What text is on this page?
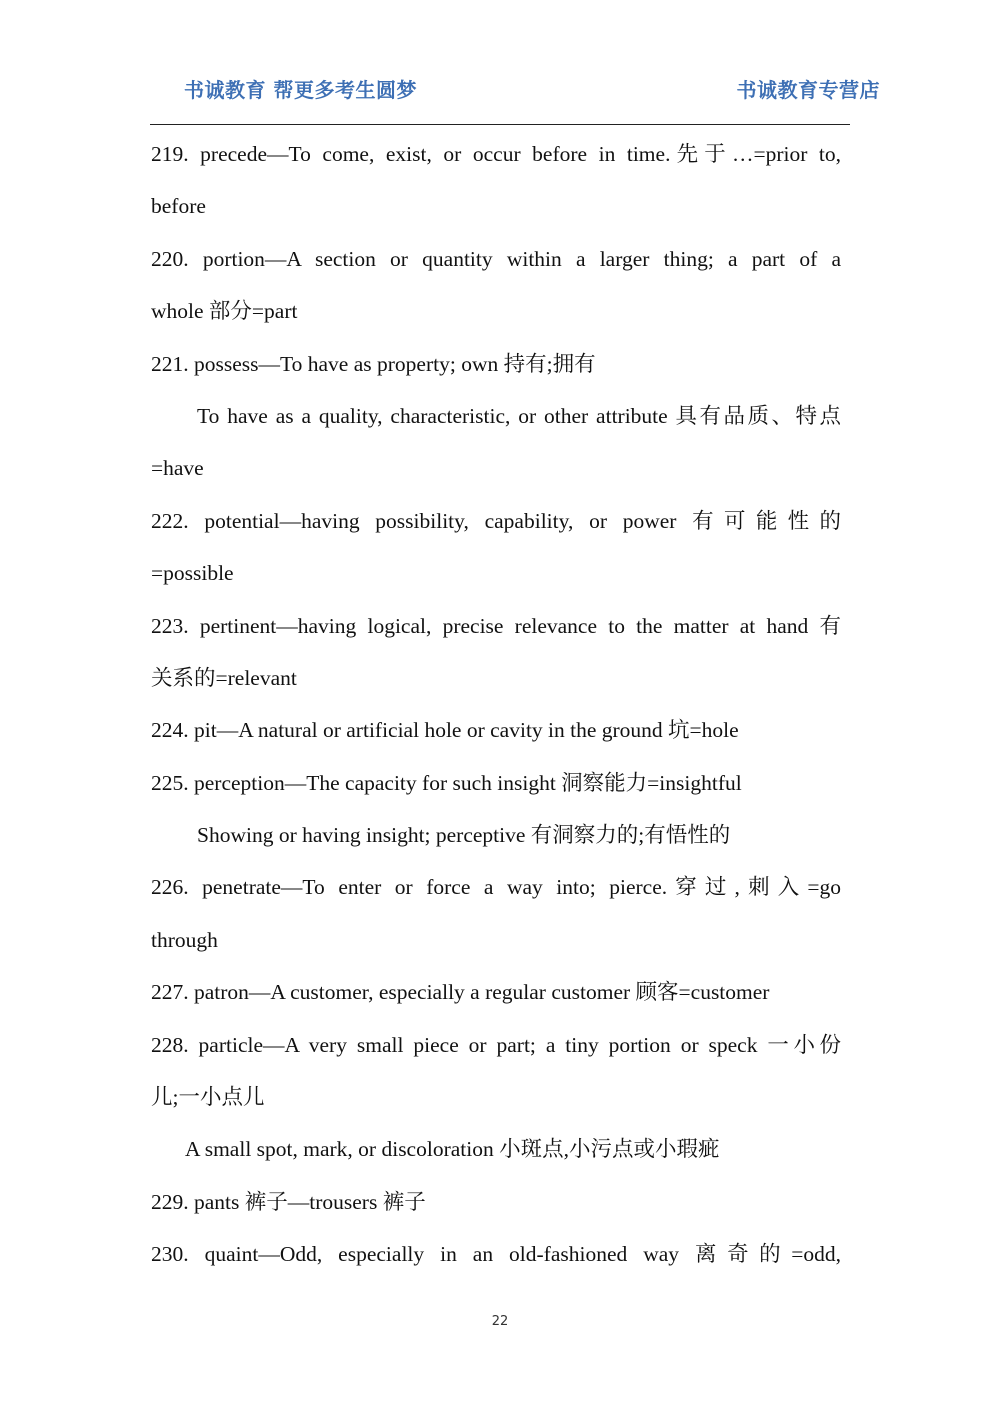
书诚教育 帮更多考生圆梦	书诚教育专营店
219. precede—To come, exist, or occur before in time.先于…=prior to,
before
220. portion—A section or quantity within a larger thing; a part of a
whole 部分=part
221. possess—To have as property; own 持有;拥有
To have as a quality, characteristic, or other attribute 具有品质、特点
=have
222. potential—having possibility, capability, or power 有可能性的
=possible
223. pertinent—having logical, precise relevance to the matter at hand 有
关系的=relevant
224. pit—A natural or artificial hole or cavity in the ground 坑=hole
225. perception—The capacity for such insight 洞察能力=insightful
Showing or having insight; perceptive 有洞察力的;有悟性的
226. penetrate—To enter or force a way into; pierce.穿过,刺入=go
through
227. patron—A customer, especially a regular customer 顾客=customer
228. particle—A very small piece or part; a tiny portion or speck 一小份
儿;一小点儿
A small spot, mark, or discoloration 小斑点,小污点或小瑕疵
229. pants 裤子—trousers 裤子
230. quaint—Odd, especially in an old-fashioned way 离奇的=odd,
22
